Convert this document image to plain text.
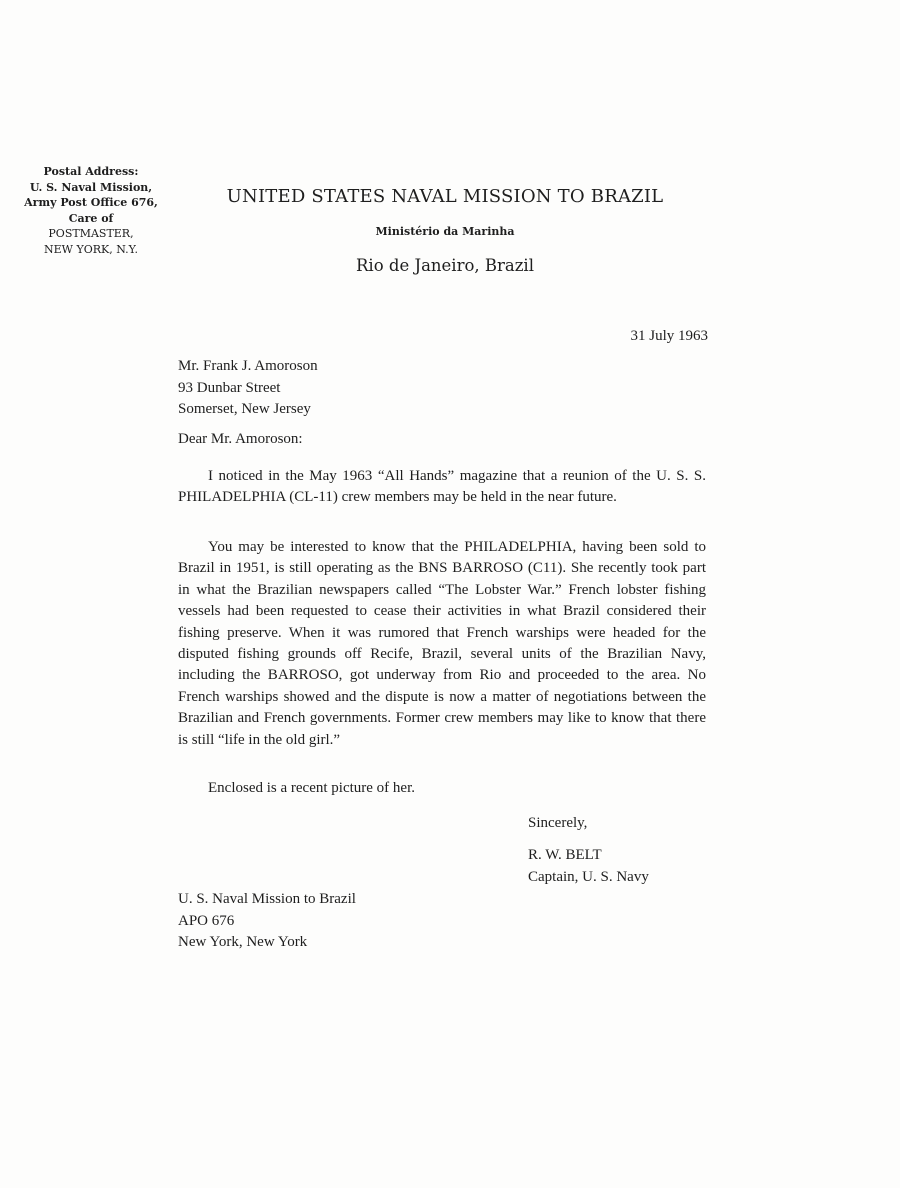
Postal Address:
U. S. Naval Mission,
Army Post Office 676,
Care of
POSTMASTER,
NEW YORK, N.Y.
UNITED STATES NAVAL MISSION TO BRAZIL
Ministério da Marinha
Rio de Janeiro, Brazil
31 July 1963
Mr. Frank J. Amoroson
93 Dunbar Street
Somerset, New Jersey
Dear Mr. Amoroson:

I noticed in the May 1963 “All Hands” magazine that a reunion of the U. S. S. PHILADELPHIA (CL-11) crew members may be held in the near future.

You may be interested to know that the PHILADELPHIA, having been sold to Brazil in 1951, is still operating as the BNS BARROSO (C11). She recently took part in what the Brazilian newspapers called “The Lobster War.” French lobster fishing vessels had been requested to cease their activities in what Brazil considered their fishing preserve. When it was rumored that French warships were headed for the disputed fishing grounds off Recife, Brazil, several units of the Brazilian Navy, including the BARROSO, got underway from Rio and proceeded to the area. No French warships showed and the dispute is now a matter of negotiations between the Brazilian and French governments. Former crew members may like to know that there is still “life in the old girl.”

Enclosed is a recent picture of her.

Sincerely,
R. W. BELT
Captain, U. S. Navy
U. S. Naval Mission to Brazil
APO 676
New York, New York
